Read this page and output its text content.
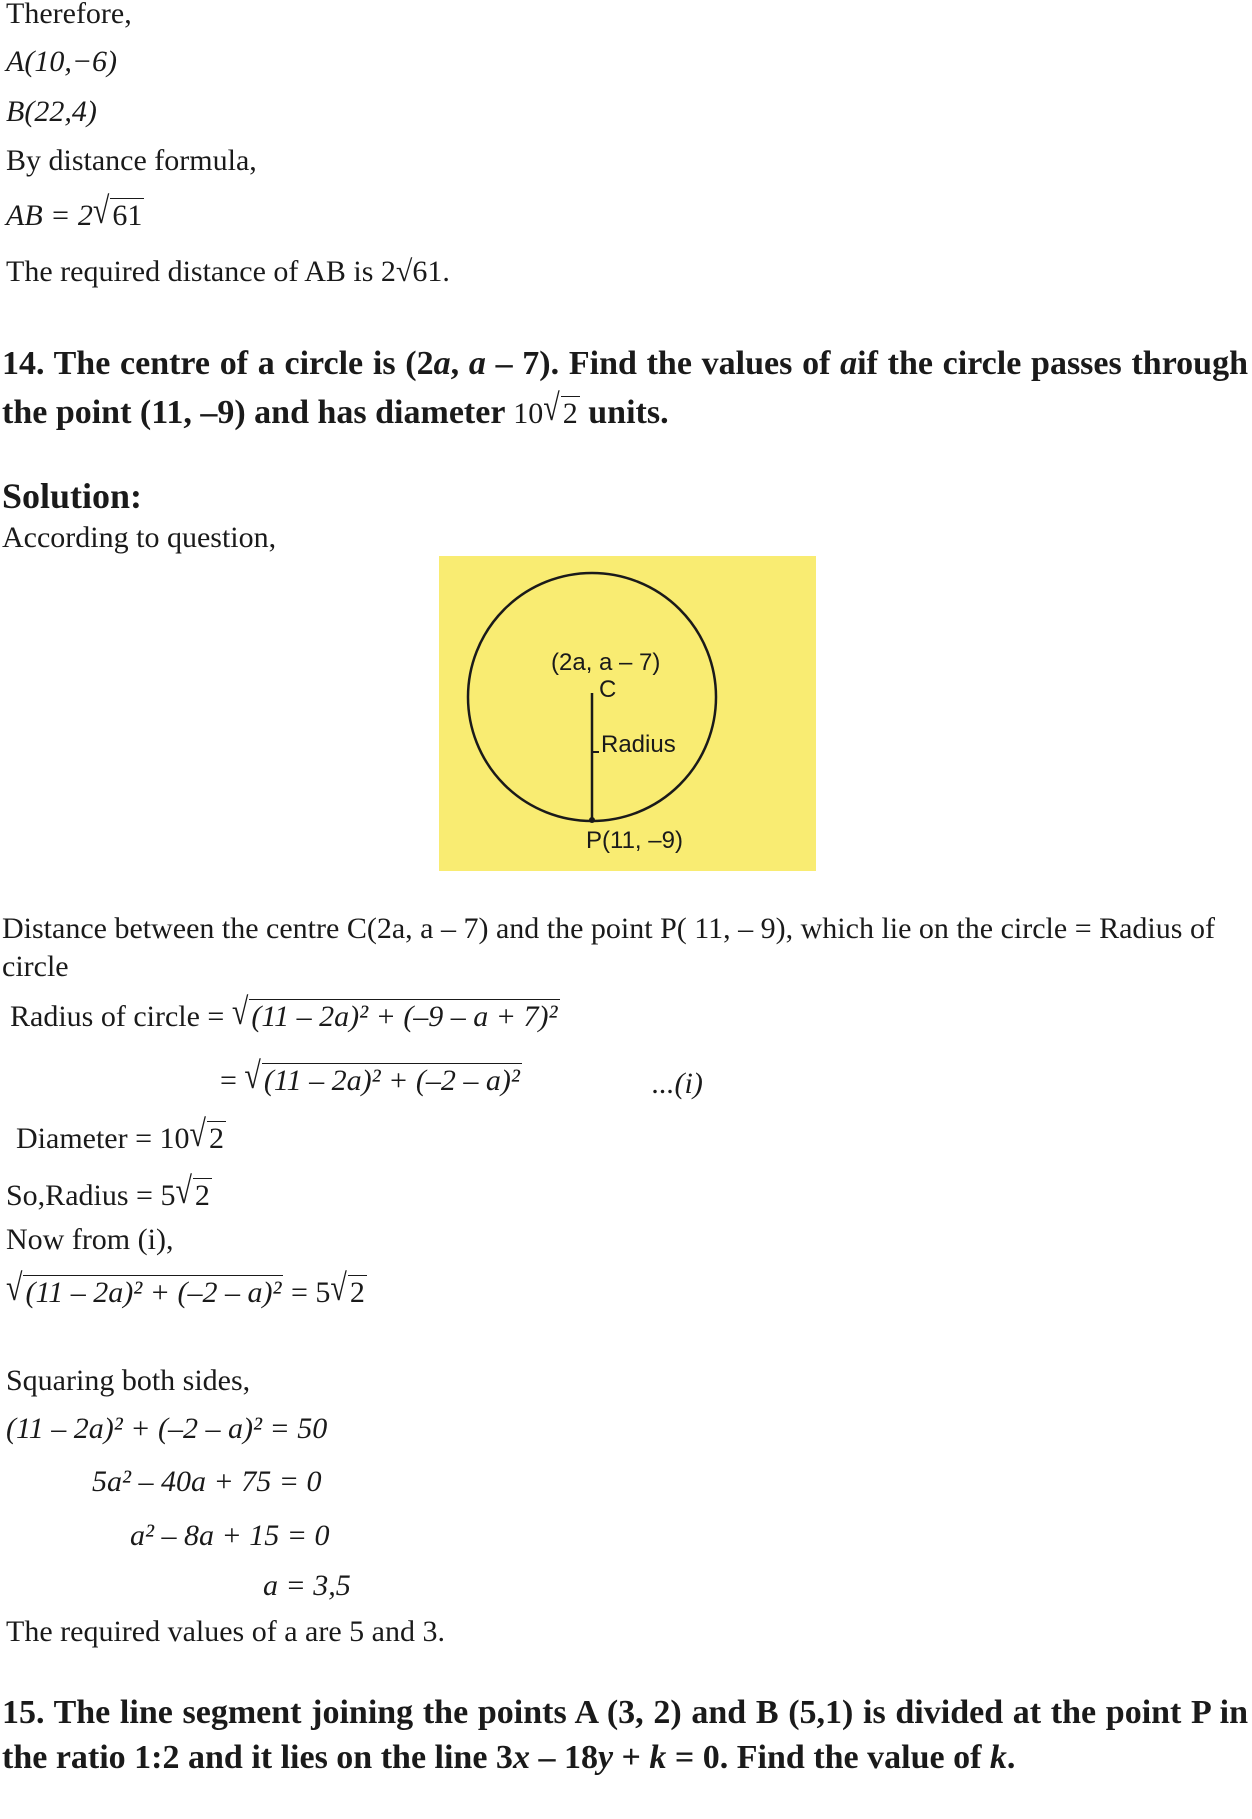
Therefore,
A(10,−6)
B(22,4)
By distance formula,
AB = 2√ 61
The required distance of AB is 2√61.
14. The centre of a circle is (2a, a – 7). Find the values of aif the circle passes through the point (11, –9) and has diameter 10√ 2 units.
Solution:
According to question,
(2a, a – 7)
C
Radius
P(11, –9)
Distance between the centre C(2a, a – 7) and the point P( 11, – 9), which lie on the circle = Radius of circle
Radius of circle = √ (11 – 2a)² + (–9 – a + 7)²
= √ (11 – 2a)² + (–2 – a)²	...(i)
Diameter = 10√ 2
So,Radius = 5√ 2
Now from (i),
√ (11 – 2a)² + (–2 – a)² = 5√ 2
Squaring both sides,
(11 – 2a)² + (–2 – a)² = 50
5a² – 40a + 75 = 0
a² – 8a + 15 = 0
a = 3,5
The required values of a are 5 and 3.
15. The line segment joining the points A (3, 2) and B (5,1) is divided at the point P in the ratio 1:2 and it lies on the line 3x – 18y + k = 0. Find the value of k.
